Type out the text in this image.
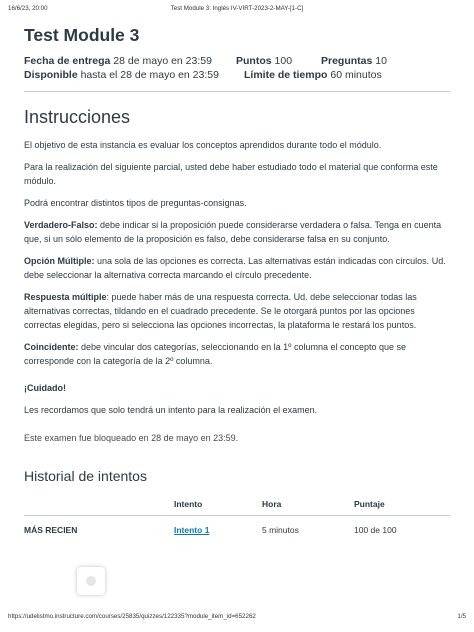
16/6/23, 20:00	Test Module 3: Inglés IV-VIRT-2023-2-MAY-[1-C]
Test Module 3
Fecha de entrega 28 de mayo en 23:59 Puntos 100	Preguntas 10
Disponible hasta el 28 de mayo en 23:59 Límite de tiempo 60 minutos
Instrucciones

El objetivo de esta instancia es evaluar los conceptos aprendidos durante todo el módulo.

Para la realización del siguiente parcial, usted debe haber estudiado todo el material que conforma este módulo.

Podrá encontrar distintos tipos de preguntas-consignas.

Verdadero-Falso: debe indicar si la proposición puede considerarse verdadera o falsa. Tenga en cuenta que, si un sólo elemento de la proposición es falso, debe considerarse falsa en su conjunto.

Opción Múltiple: una sola de las opciones es correcta. Las alternativas están indicadas con círculos. Ud. debe seleccionar la alternativa correcta marcando el círculo precedente.

Respuesta múltiple: puede haber más de una respuesta correcta. Ud. debe seleccionar todas las alternativas correctas, tildando en el cuadrado precedente. Se le otorgará puntos por las opciones correctas elegidas, pero si selecciona las opciones incorrectas, la plataforma le restará los puntos.

Coincidente: debe vincular dos categorías, seleccionando en la 1º columna el concepto que se corresponde con la categoría de la 2º columna.

¡Cuidado!

Les recordamos que solo tendrá un intento para la realización el examen.

Este examen fue bloqueado en 28 de mayo en 23:59.

Historial de intentos
	Intento	Hora	Puntaje
MÁS RECIEN	Intento 1	5 minutos	100 de 100
https://udelistmo.instructure.com/courses/25835/quizzes/122335?module_item_id=652262	1/5
